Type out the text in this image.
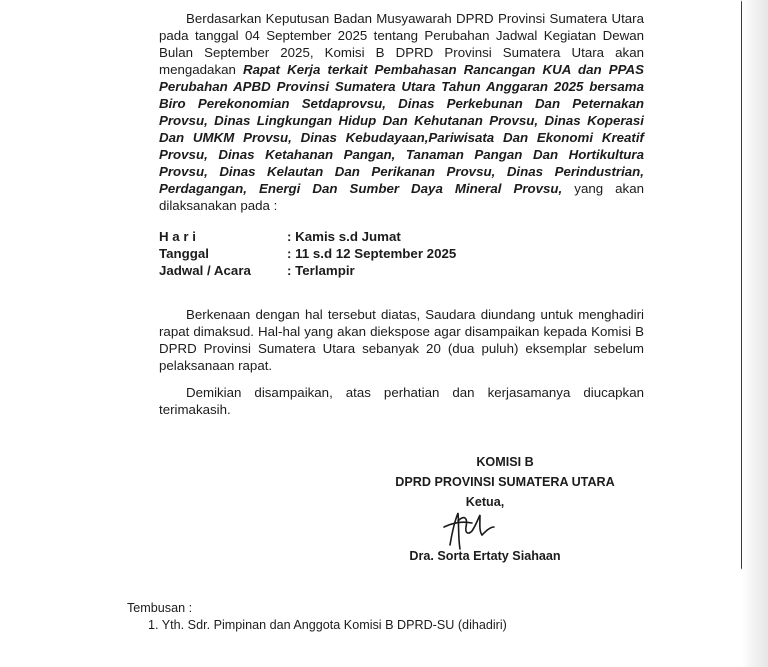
Berdasarkan Keputusan Badan Musyawarah DPRD Provinsi Sumatera Utara pada tanggal 04 September 2025 tentang Perubahan Jadwal Kegiatan Dewan Bulan September 2025, Komisi B DPRD Provinsi Sumatera Utara akan mengadakan Rapat Kerja terkait Pembahasan Rancangan KUA dan PPAS Perubahan APBD Provinsi Sumatera Utara Tahun Anggaran 2025 bersama Biro Perekonomian Setdaprovsu, Dinas Perkebunan Dan Peternakan Provsu, Dinas Lingkungan Hidup Dan Kehutanan Provsu, Dinas Koperasi Dan UMKM Provsu, Dinas Kebudayaan,Pariwisata Dan Ekonomi Kreatif Provsu, Dinas Ketahanan Pangan, Tanaman Pangan Dan Hortikultura Provsu, Dinas Kelautan Dan Perikanan Provsu, Dinas Perindustrian, Perdagangan, Energi Dan Sumber Daya Mineral Provsu, yang akan dilaksanakan pada :
H a r i	: Kamis s.d Jumat
Tanggal	: 11 s.d 12 September 2025
Jadwal / Acara	: Terlampir
Berkenaan dengan hal tersebut diatas, Saudara diundang untuk menghadiri rapat dimaksud. Hal-hal yang akan diekspose agar disampaikan kepada Komisi B DPRD Provinsi Sumatera Utara sebanyak 20 (dua puluh) eksemplar sebelum pelaksanaan rapat.
Demikian disampaikan, atas perhatian dan kerjasamanya diucapkan terimakasih.
KOMISI B
DPRD PROVINSI SUMATERA UTARA
Ketua,
Dra. Sorta Ertaty Siahaan
Tembusan :
1. Yth. Sdr. Pimpinan dan Anggota Komisi B DPRD-SU (dihadiri)
